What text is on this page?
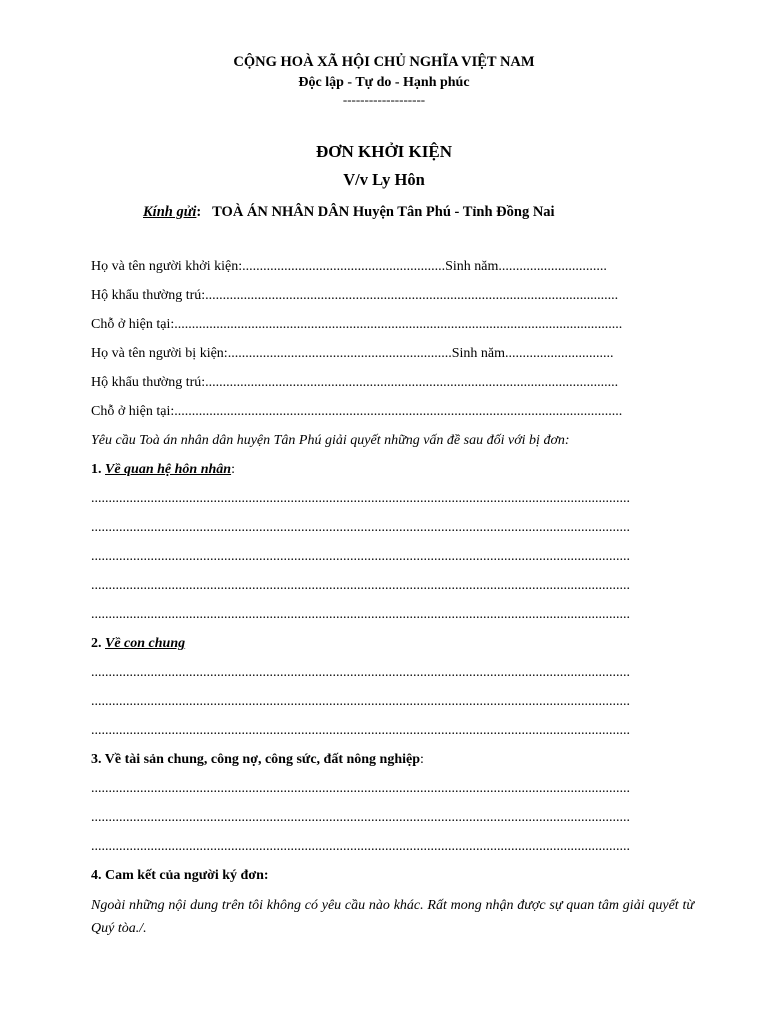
CỘNG HOÀ XÃ HỘI CHỦ NGHĨA VIỆT NAM
Độc lập - Tự do - Hạnh phúc
-------------------
ĐƠN KHỞI KIỆN
V/v Ly Hôn
Kính gửi: TOÀ ÁN NHÂN DÂN Huyện Tân Phú - Tỉnh Đồng Nai
Họ và tên người khởi kiện:..........................................................Sinh năm...............................
Hộ khẩu thường trú:......................................................................................................................
Chỗ ở hiện tại:................................................................................................................................
Họ và tên người bị kiện:................................................................Sinh năm...............................
Hộ khẩu thường trú:......................................................................................................................
Chỗ ở hiện tại:................................................................................................................................
Yêu cầu Toà án nhân dân huyện Tân Phú giải quyết những vấn đề sau đối với bị đơn:
1. Về quan hệ hôn nhân:
..........................................................................................................................................................
..........................................................................................................................................................
..........................................................................................................................................................
..........................................................................................................................................................
..........................................................................................................................................................
2. Về con chung
..........................................................................................................................................................
..........................................................................................................................................................
..........................................................................................................................................................
3. Về tài sản chung, công nợ, công sức, đất nông nghiệp:
..........................................................................................................................................................
..........................................................................................................................................................
..........................................................................................................................................................
4. Cam kết của người ký đơn:
Ngoài những nội dung trên tôi không có yêu cầu nào khác. Rất mong nhận được sự quan tâm giải quyết từ Quý tòa./.
